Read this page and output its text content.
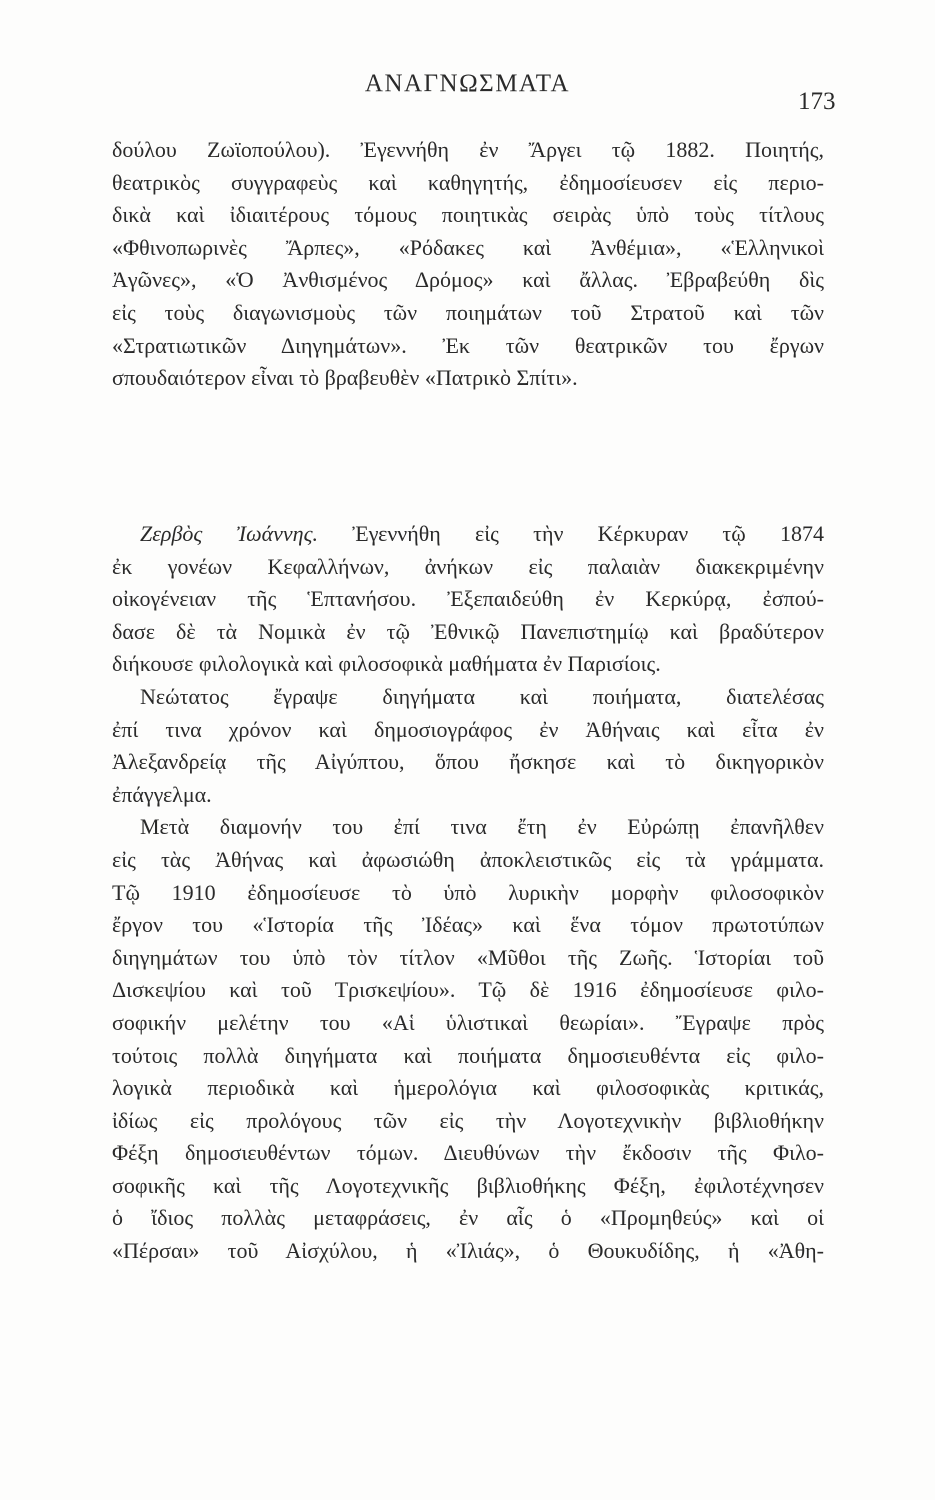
ΑΝΑΓΝΩΣΜΑΤΑ
173
δούλου Ζωϊοπούλου). Ἐγεννήθη ἐν Ἄργει τῷ 1882. Ποιητής,
θεατρικὸς συγγραφεὺς καὶ καθηγητής, ἐδημοσίευσεν εἰς περιο-
δικὰ καὶ ἰδιαιτέρους τόμους ποιητικὰς σειρὰς ὑπὸ τοὺς τίτλους
«Φθινοπωρινὲς Ἄρπες», «Ρόδακες καὶ Ἀνθέμια», «Ἑλληνικοὶ
Ἀγῶνες», «Ὁ Ἀνθισμένος Δρόμος» καὶ ἄλλας. Ἐβραβεύθη δὶς
εἰς τοὺς διαγωνισμοὺς τῶν ποιημάτων τοῦ Στρατοῦ καὶ τῶν
«Στρατιωτικῶν Διηγημάτων». Ἐκ τῶν θεατρικῶν του ἔργων
σπουδαιότερον εἶναι τὸ βραβευθὲν «Πατρικὸ Σπίτι».
Ζερβὸς Ἰωάννης. Ἐγεννήθη εἰς τὴν Κέρκυραν τῷ 1874
ἐκ γονέων Κεφαλλήνων, ἀνήκων εἰς παλαιὰν διακεκριμένην
οἰκογένειαν τῆς Ἑπτανήσου. Ἐξεπαιδεύθη ἐν Κερκύρᾳ, ἐσπού-
δασε δὲ τὰ Νομικὰ ἐν τῷ Ἐθνικῷ Πανεπιστημίῳ καὶ βραδύτερον
διήκουσε φιλολογικὰ καὶ φιλοσοφικὰ μαθήματα ἐν Παρισίοις.
Νεώτατος ἔγραψε διηγήματα καὶ ποιήματα, διατελέσας
ἐπί τινα χρόνον καὶ δημοσιογράφος ἐν Ἀθήναις καὶ εἶτα ἐν
Ἀλεξανδρείᾳ τῆς Αἰγύπτου, ὅπου ἤσκησε καὶ τὸ δικηγορικὸν
ἐπάγγελμα.
Μετὰ διαμονήν του ἐπί τινα ἔτη ἐν Εὐρώπῃ ἐπανῆλθεν
εἰς τὰς Ἀθήνας καὶ ἀφωσιώθη ἀποκλειστικῶς εἰς τὰ γράμματα.
Τῷ 1910 ἐδημοσίευσε τὸ ὑπὸ λυρικὴν μορφὴν φιλοσοφικὸν
ἔργον του «Ἱστορία τῆς Ἰδέας» καὶ ἕνα τόμον πρωτοτύπων
διηγημάτων του ὑπὸ τὸν τίτλον «Μῦθοι τῆς Ζωῆς. Ἱστορίαι τοῦ
Δισκεψίου καὶ τοῦ Τρισκεψίου». Τῷ δὲ 1916 ἐδημοσίευσε φιλο-
σοφικήν μελέτην του «Αἱ ὑλιστικαὶ θεωρίαι». Ἔγραψε πρὸς
τούτοις πολλὰ διηγήματα καὶ ποιήματα δημοσιευθέντα εἰς φιλο-
λογικὰ περιοδικὰ καὶ ἡμερολόγια καὶ φιλοσοφικὰς κριτικάς,
ἰδίως εἰς προλόγους τῶν εἰς τὴν Λογοτεχνικὴν βιβλιοθήκην
Φέξη δημοσιευθέντων τόμων. Διευθύνων τὴν ἔκδοσιν τῆς Φιλο-
σοφικῆς καὶ τῆς Λογοτεχνικῆς βιβλιοθήκης Φέξη, ἐφιλοτέχνησεν
ὁ ἴδιος πολλὰς μεταφράσεις, ἐν αἷς ὁ «Προμηθεύς» καὶ οἱ
«Πέρσαι» τοῦ Αἰσχύλου, ἡ «Ἰλιάς», ὁ Θουκυδίδης, ἡ «Ἀθη-
